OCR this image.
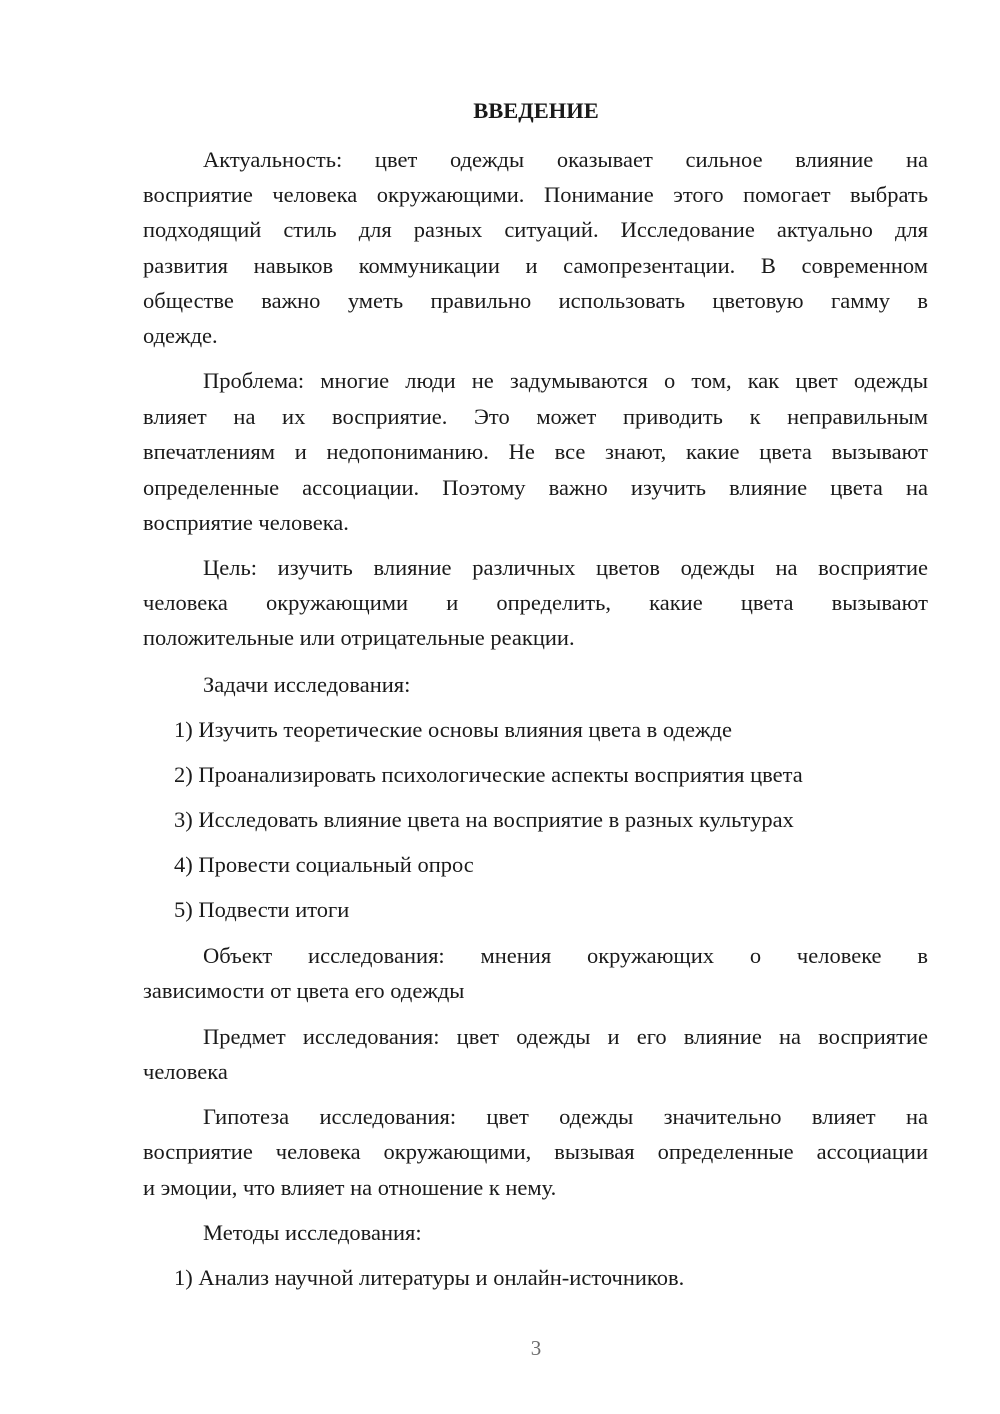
ВВЕДЕНИЕ
Актуальность: цвет одежды оказывает сильное влияние на
восприятие человека окружающими. Понимание этого помогает выбрать
подходящий стиль для разных ситуаций. Исследование актуально для
развития навыков коммуникации и самопрезентации. В современном
обществе важно уметь правильно использовать цветовую гамму в
одежде.
Проблема: многие люди не задумываются о том, как цвет одежды
влияет на их восприятие. Это может приводить к неправильным
впечатлениям и недопониманию. Не все знают, какие цвета вызывают
определенные ассоциации. Поэтому важно изучить влияние цвета на
восприятие человека.
Цель: изучить влияние различных цветов одежды на восприятие
человека окружающими и определить, какие цвета вызывают
положительные или отрицательные реакции.
Задачи исследования:
1) Изучить теоретические основы влияния цвета в одежде
2) Проанализировать психологические аспекты восприятия цвета
3) Исследовать влияние цвета на восприятие в разных культурах
4) Провести социальный опрос
5) Подвести итоги
Объект исследования: мнения окружающих о человеке в
зависимости от цвета его одежды
Предмет исследования: цвет одежды и его влияние на восприятие
человека
Гипотеза исследования: цвет одежды значительно влияет на
восприятие человека окружающими, вызывая определенные ассоциации
и эмоции, что влияет на отношение к нему.
Методы исследования:
1) Анализ научной литературы и онлайн-источников.
3
